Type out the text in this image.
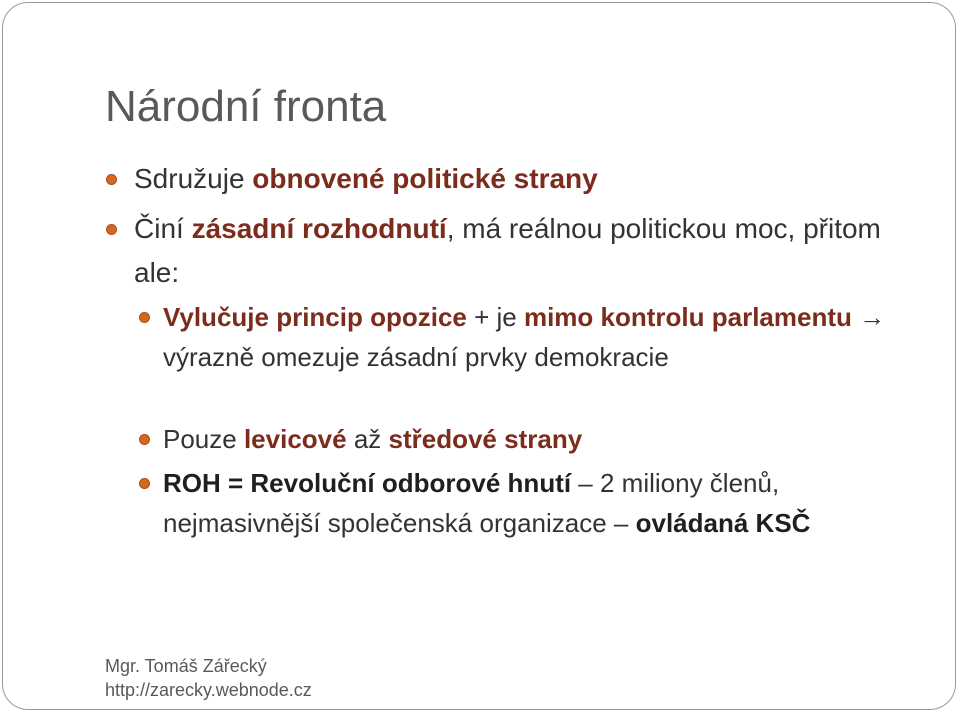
Národní fronta
Sdružuje obnovené politické strany
Činí zásadní rozhodnutí, má reálnou politickou moc, přitom ale:
Vylučuje princip opozice + je mimo kontrolu parlamentu → výrazně omezuje zásadní prvky demokracie
Pouze levicové až středové strany
ROH = Revoluční odborové hnutí – 2 miliony členů, nejmasivnější společenská organizace – ovládaná KSČ
Mgr. Tomáš Zářecký
http://zarecky.webnode.cz
